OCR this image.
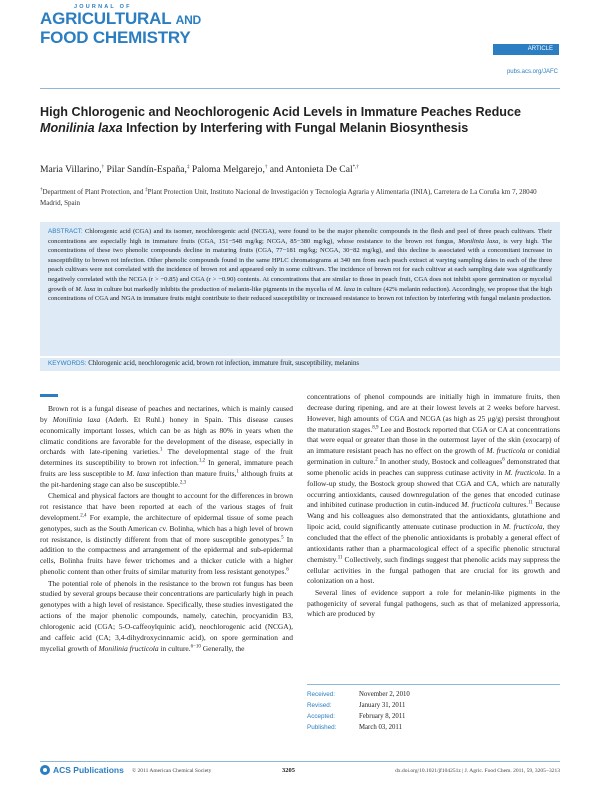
JOURNAL OF
AGRICULTURAL AND
FOOD CHEMISTRY
ARTICLE
pubs.acs.org/JAFC
High Chlorogenic and Neochlorogenic Acid Levels in Immature Peaches Reduce Monilinia laxa Infection by Interfering with Fungal Melanin Biosynthesis
Maria Villarino,† Pilar Sandín-España,‡ Paloma Melgarejo,† and Antonieta De Cal*,†
†Department of Plant Protection, and ‡Plant Protection Unit, Instituto Nacional de Investigación y Tecnología Agraria y Alimentaria (INIA), Carretera de La Coruña km 7, 28040 Madrid, Spain
ABSTRACT: Chlorogenic acid (CGA) and its isomer, neochlorogenic acid (NCGA), were found to be the major phenolic compounds in the flesh and peel of three peach cultivars. Their concentrations are especially high in immature fruits (CGA, 151−548 mg/kg; NCGA, 85−380 mg/kg), whose resistance to the brown rot fungus, Monilinia laxa, is very high. The concentrations of these two phenolic compounds decline in maturing fruits (CGA, 77−181 mg/kg; NCGA, 30−82 mg/kg), and this decline is associated with a concomitant increase in susceptibility to brown rot infection. Other phenolic compounds found in the same HPLC chromatograms at 340 nm from each peach extract at varying sampling dates in each of the three peach cultivars were not correlated with the incidence of brown rot and appeared only in some cultivars. The incidence of brown rot for each cultivar at each sampling date was significantly negatively correlated with the NCGA (r > −0.85) and CGA (r > −0.90) contents. At concentrations that are similar to those in peach fruit, CGA does not inhibit spore germination or mycelial growth of M. laxa in culture but markedly inhibits the production of melanin-like pigments in the mycelia of M. laxa in culture (42% melanin reduction). Accordingly, we propose that the high concentrations of CGA and NGA in immature fruits might contribute to their reduced susceptibility or increased resistance to brown rot infection by interfering with fungal melanin production.
KEYWORDS: Chlorogenic acid, neochlorogenic acid, brown rot infection, immature fruit, susceptibility, melanins

Brown rot is a fungal disease of peaches and nectarines, which is mainly caused by Monilinia laxa (Aderh. Et Ruhl.) honey in Spain. This disease causes economically important losses, which can be as high as 80% in years when the climatic conditions are favorable for the development of the disease, especially in orchards with late-ripening varieties.$^1$ The developmental stage of the fruit determines its susceptibility to brown rot infection.$^{1,2}$ In general, immature peach fruits are less susceptible to M. laxa infection than mature fruits,$^1$ although fruits at the pit-hardening stage can also be susceptible.$^{2,3}$

Chemical and physical factors are thought to account for the differences in brown rot resistance that have been reported at each of the various stages of fruit development.$^{2,4}$ For example, the architecture of epidermal tissue of some peach genotypes, such as the South American cv. Bolinha, which has a high level of brown rot resistance, is distinctly different from that of more susceptible genotypes.$^5$ In addition to the compactness and arrangement of the epidermal and sub-epidermal cells, Bolinha fruits have fewer trichomes and a thicker cuticle with a higher phenolic content than other fruits of similar maturity from less resistant genotypes.$^6$

The potential role of phenols in the resistance to the brown rot fungus has been studied by several groups because their concentrations are particularly high in peach genotypes with a high level of resistance. Specifically, these studies investigated the actions of the major phenolic compounds, namely, catechin, procyanidin B3, chlorogenic acid (CGA; 5-O-caffeoylquinic acid), neochlorogenic acid (NCGA), and caffeic acid (CA; 3,4-dihydroxycinnamic acid), on spore germination and mycelial growth of Monilinia fructicola in culture.$^{6-10}$ Generally, the

concentrations of phenol compounds are initially high in immature fruits, then decrease during ripening, and are at their lowest levels at 2 weeks before harvest. However, high amounts of CGA and NCGA (as high as 25 μg/g) persist throughout the maturation stages.$^{8,9}$ Lee and Bostock reported that CGA or CA at concentrations that were equal or greater than those in the outermost layer of the skin (exocarp) of an immature resistant peach has no effect on the growth of M. fructicola or conidial germination in culture.$^2$ In another study, Bostock and colleagues$^6$ demonstrated that some phenolic acids in peaches can suppress cutinase activity in M. fructicola. In a follow-up study, the Bostock group showed that CGA and CA, which are naturally occurring antioxidants, caused downregulation of the genes that encoded cutinase and inhibited cutinase production in cutin-induced M. fructicola cultures.$^{11}$ Because Wang and his colleagues also demonstrated that the antioxidants, glutathione and lipoic acid, could significantly attenuate cutinase production in M. fructicola, they concluded that the effect of the phenolic antioxidants is probably a general effect of antioxidants rather than a pharmacological effect of a specific phenolic structural chemistry.$^{11}$ Collectively, such findings suggest that phenolic acids may suppress the cellular activities in the fungal pathogen that are crucial for its growth and colonization on a host.

Several lines of evidence support a role for melanin-like pigments in the pathogenicity of several fungal pathogens, such as that of melanized appressoria, which are produced by

Received:	November 2, 2010
Revised:	January 31, 2011
Accepted:	February 8, 2011
Published:	March 03, 2011
ACS Publications © 2011 American Chemical Society	3205	dx.doi.org/10.1021/jf104251z | J. Agric. Food Chem. 2011, 59, 3205−3213
